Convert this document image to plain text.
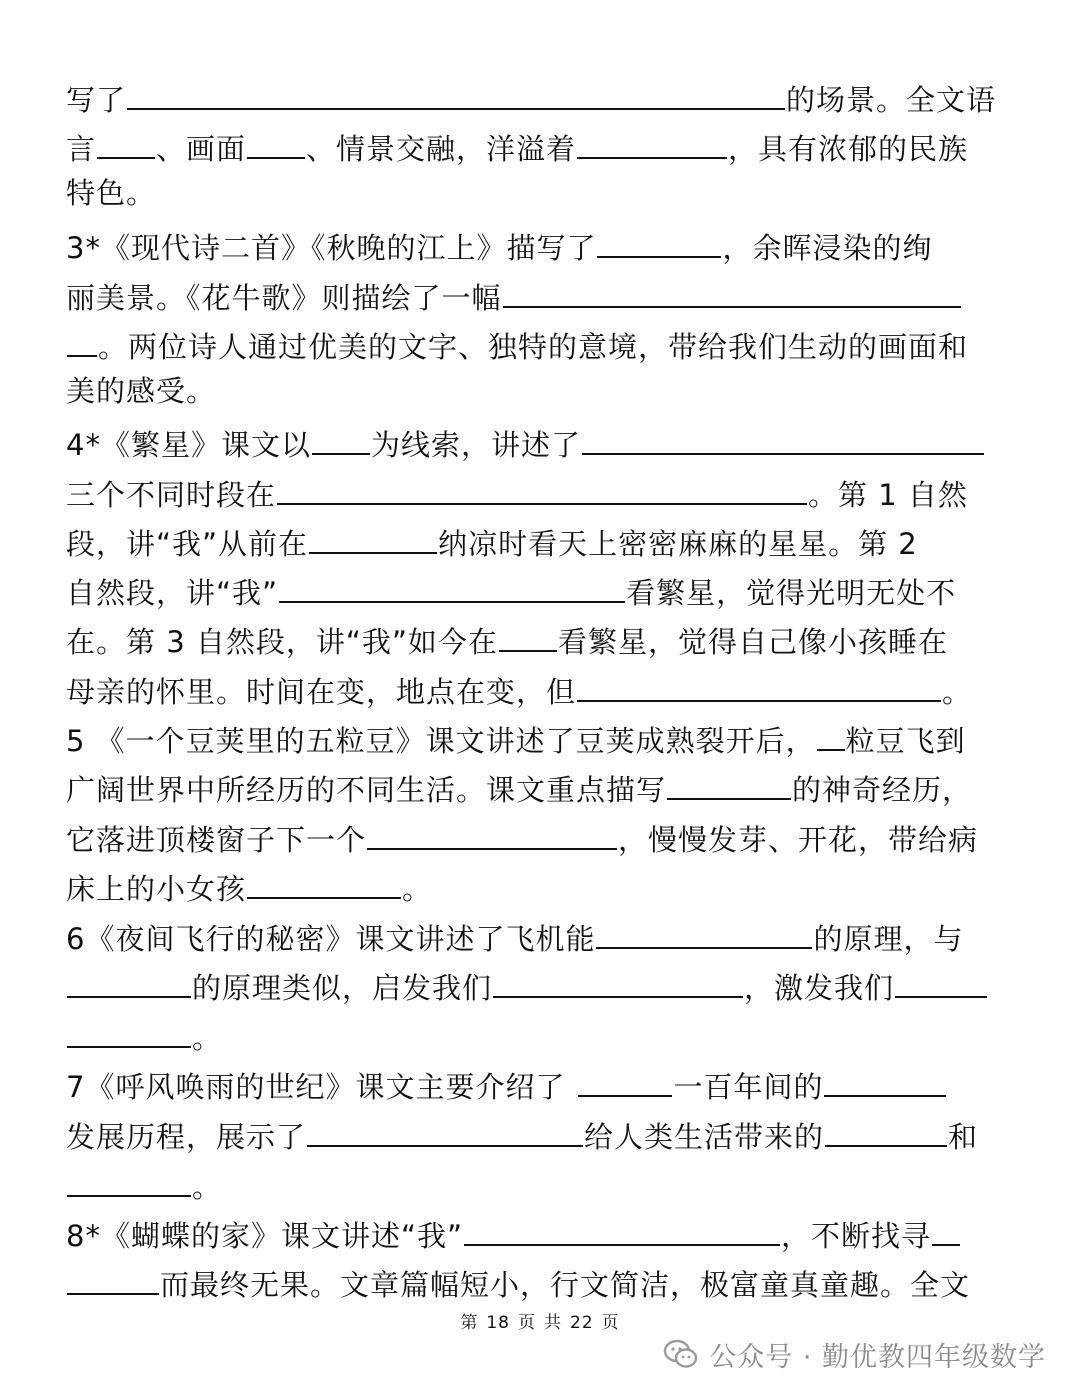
写了	的场景。全文语
言 、画面 、情景交融，洋溢着	，具有浓郁的民族
特色。
3*《现代诗二首》《秋晚的江上》描写了	，余晖浸染的绚
丽美景。《花牛歌》则描绘了一幅
。两位诗人通过优美的文字、独特的意境，带给我们生动的画面和
美的感受。
4*《繁星》课文以 为线索，讲述了
三个不同时段在	。第 1 自然
段，讲“我”从前在	纳凉时看天上密密麻麻的星星。第 2
自然段，讲“我”	看繁星，觉得光明无处不
在。第 3 自然段，讲“我”如今在 看繁星，觉得自己像小孩睡在
母亲的怀里。时间在变，地点在变，但	。
5 《一个豆荚里的五粒豆》课文讲述了豆荚成熟裂开后， 粒豆飞到
广阔世界中所经历的不同生活。课文重点描写	的神奇经历，
它落进顶楼窗子下一个	，慢慢发芽、开花，带给病
床上的小女孩	。
6《夜间飞行的秘密》课文讲述了飞机能	的原理，与
的原理类似，启发我们	，激发我们
。
7《呼风唤雨的世纪》课文主要介绍了	一百年间的
发展历程，展示了	给人类生活带来的	和
。
8*《蝴蝶的家》课文讲述“我”	，不断找寻
而最终无果。文章篇幅短小，行文简洁，极富童真童趣。全文
第 18 页 共 22 页
公众号 · 勤优教四年级数学
